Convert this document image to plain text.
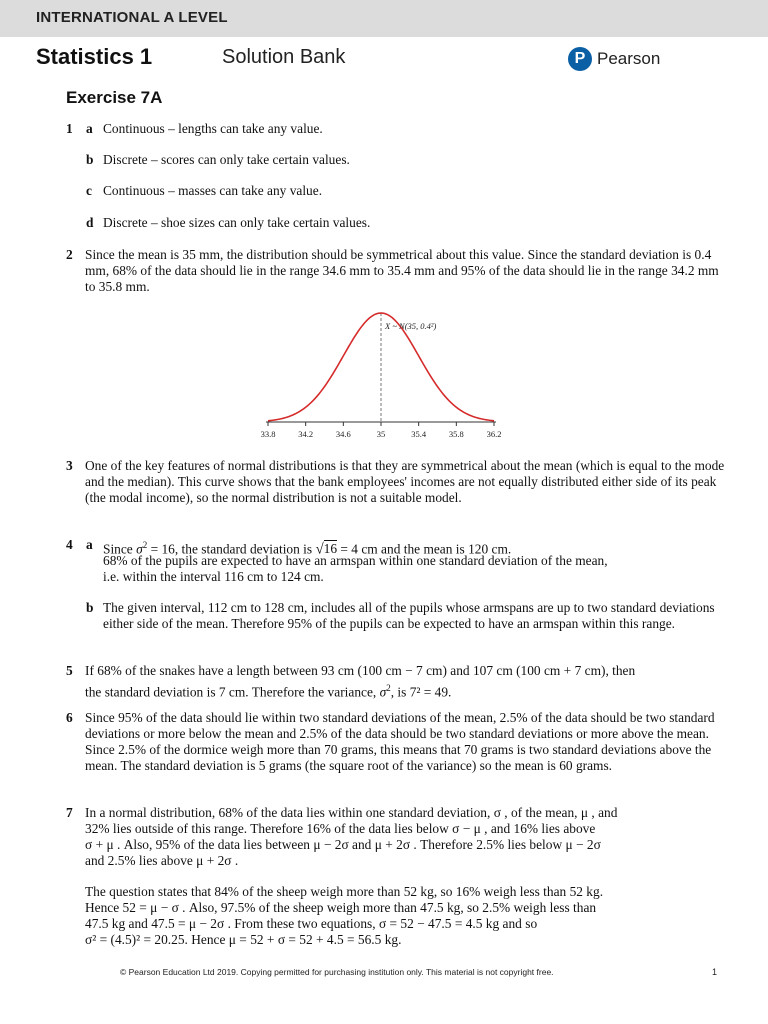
INTERNATIONAL A LEVEL
Statistics 1	Solution Bank	P Pearson
Exercise 7A
1 a Continuous – lengths can take any value.
b Discrete – scores can only take certain values.
c Continuous – masses can take any value.
d Discrete – shoe sizes can only take certain values.
2 Since the mean is 35 mm, the distribution should be symmetrical about this value. Since the standard deviation is 0.4 mm, 68% of the data should lie in the range 34.6 mm to 35.4 mm and 95% of the data should lie in the range 34.2 mm to 35.8 mm.
33.8	34.2	34.6	35	35.4	35.8	36.2
X ~ N(35, 0.4²)
3 One of the key features of normal distributions is that they are symmetrical about the mean (which is equal to the mode and the median). This curve shows that the bank employees' incomes are not equally distributed either side of its peak (the modal income), so the normal distribution is not a suitable model.
4 a Since $\sigma^2 = 16$, the standard deviation is √16 = 4 cm and the mean is 120 cm.
68% of the pupils are expected to have an armspan within one standard deviation of the mean,
i.e. within the interval 116 cm to 124 cm.
b The given interval, 112 cm to 128 cm, includes all of the pupils whose armspans are up to two standard deviations either side of the mean. Therefore 95% of the pupils can be expected to have an armspan within this range.
5 If 68% of the snakes have a length between 93 cm (100 cm − 7 cm) and 107 cm (100 cm + 7 cm), then
the standard deviation is 7 cm. Therefore the variance, $\sigma^2$, is 7² = 49.
6 Since 95% of the data should lie within two standard deviations of the mean, 2.5% of the data should be two standard deviations or more below the mean and 2.5% of the data should be two standard deviations or more above the mean. Since 2.5% of the dormice weigh more than 70 grams, this means that 70 grams is two standard deviations above the mean. The standard deviation is 5 grams (the square root of the variance) so the mean is 60 grams.
7 In a normal distribution, 68% of the data lies within one standard deviation, σ , of the mean, μ , and
32% lies outside of this range. Therefore 16% of the data lies below σ − μ , and 16% lies above
σ + μ . Also, 95% of the data lies between μ − 2σ and μ + 2σ . Therefore 2.5% lies below μ − 2σ
and 2.5% lies above μ + 2σ .
The question states that 84% of the sheep weigh more than 52 kg, so 16% weigh less than 52 kg.
Hence 52 = μ − σ . Also, 97.5% of the sheep weigh more than 47.5 kg, so 2.5% weigh less than
47.5 kg and 47.5 = μ − 2σ . From these two equations, σ = 52 − 47.5 = 4.5 kg and so
σ² = (4.5)² = 20.25. Hence μ = 52 + σ = 52 + 4.5 = 56.5 kg.
© Pearson Education Ltd 2019. Copying permitted for purchasing institution only. This material is not copyright free.	1
